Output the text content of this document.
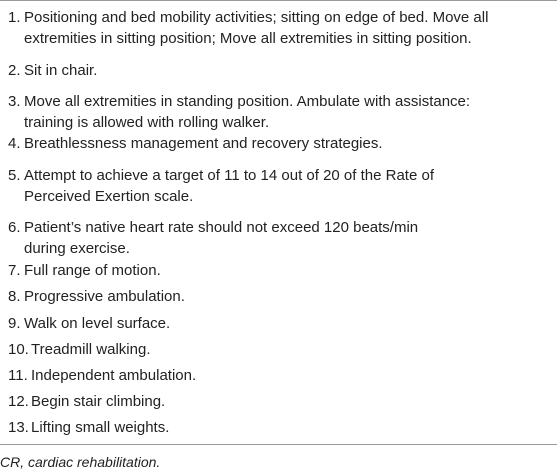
1. Positioning and bed mobility activities; sitting on edge of bed. Move all
extremities in sitting position; Move all extremities in sitting position.
2. Sit in chair.
3. Move all extremities in standing position. Ambulate with assistance:
training is allowed with rolling walker.
4. Breathlessness management and recovery strategies.
5. Attempt to achieve a target of 11 to 14 out of 20 of the Rate of
Perceived Exertion scale.
6. Patient’s native heart rate should not exceed 120 beats/min
during exercise.
7. Full range of motion.
8. Progressive ambulation.
9. Walk on level surface.
10. Treadmill walking.
11. Independent ambulation.
12. Begin stair climbing.
13. Lifting small weights.
CR, cardiac rehabilitation.
